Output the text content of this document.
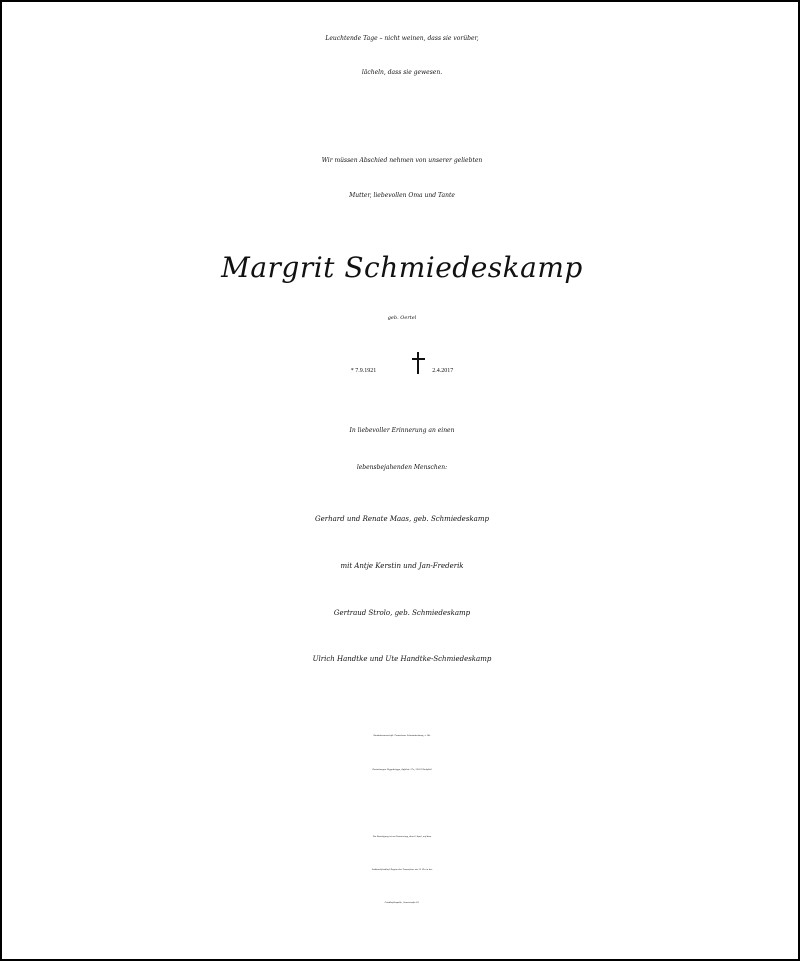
Leuchtende Tage – nicht weinen, dass sie vorüber,
lächeln, dass sie gewesen.
Wir müssen Abschied nehmen von unserer geliebten
Mutter, liebevollen Oma und Tante
Margrit Schmiedeskamp
geb. Oertel
* 7.9.1921	2.4.2017
In liebevoller Erinnerung an einen
lebensbejahenden Menschen:
Gerhard und Renate Maas, geb. Schmiedeskamp
mit Antje Kerstin und Jan-Frederik
Gertraud Strolo, geb. Schmiedeskamp
Ulrich Handtke und Ute Handtke-Schmiedeskamp
Kondolenzanschrift: Trauerhaus Schmiedeskamp, z. Hd.
Bestattungen Niggebrügge, Apfelstr. 27a, 33613 Bielefeld
Die Beerdigung ist am Donnerstag, dem 6. April, auf dem
Sudbrackfriedhof. Beginn der Trauerfeier um 13 Uhr in der
Friedhofskapelle, Gunststraße 63.
